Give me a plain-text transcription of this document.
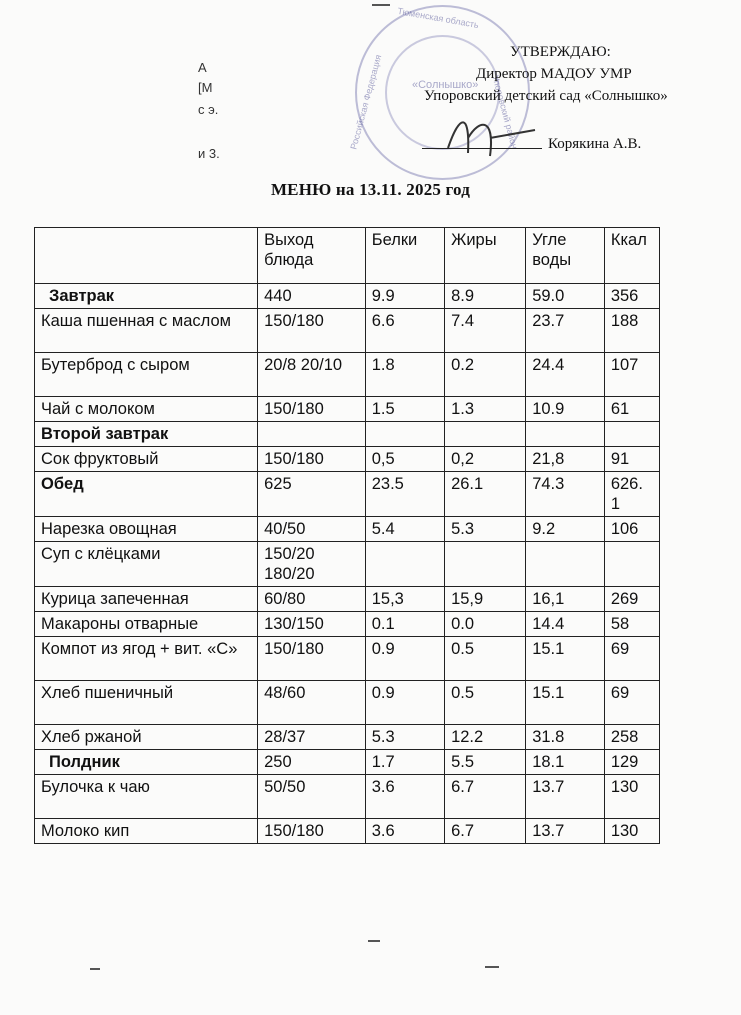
Тюменская область
«Солнышко»
Российская Федерация	Упоровский район
УТВЕРЖДАЮ:
Директор МАДОУ УМР
Упоровский детский сад «Солнышко»
Корякина А.В.
А
[М
с э.
и 3.
МЕНЮ на 13.11. 2025 год
	Выход блюда	Белки	Жиры	Угле воды	Ккал
Завтрак	440	9.9	8.9	59.0	356
Каша пшенная с маслом	150/180	6.6	7.4	23.7	188
Бутерброд с сыром	20/8 20/10	1.8	0.2	24.4	107
Чай с молоком	150/180	1.5	1.3	10.9	61
Второй завтрак					
Сок фруктовый	150/180	0,5	0,2	21,8	91
Обед	625	23.5	26.1	74.3	626. 1
Нарезка овощная	40/50	5.4	5.3	9.2	106
Суп с клёцками	150/20 180/20				
Курица запеченная	60/80	15,3	15,9	16,1	269
Макароны отварные	130/150	0.1	0.0	14.4	58
Компот из ягод + вит. «С»	150/180	0.9	0.5	15.1	69
Хлеб пшеничный	48/60	0.9	0.5	15.1	69
Хлеб ржаной	28/37	5.3	12.2	31.8	258
Полдник	250	1.7	5.5	18.1	129
Булочка к чаю	50/50	3.6	6.7	13.7	130
Молоко кип	150/180	3.6	6.7	13.7	130
